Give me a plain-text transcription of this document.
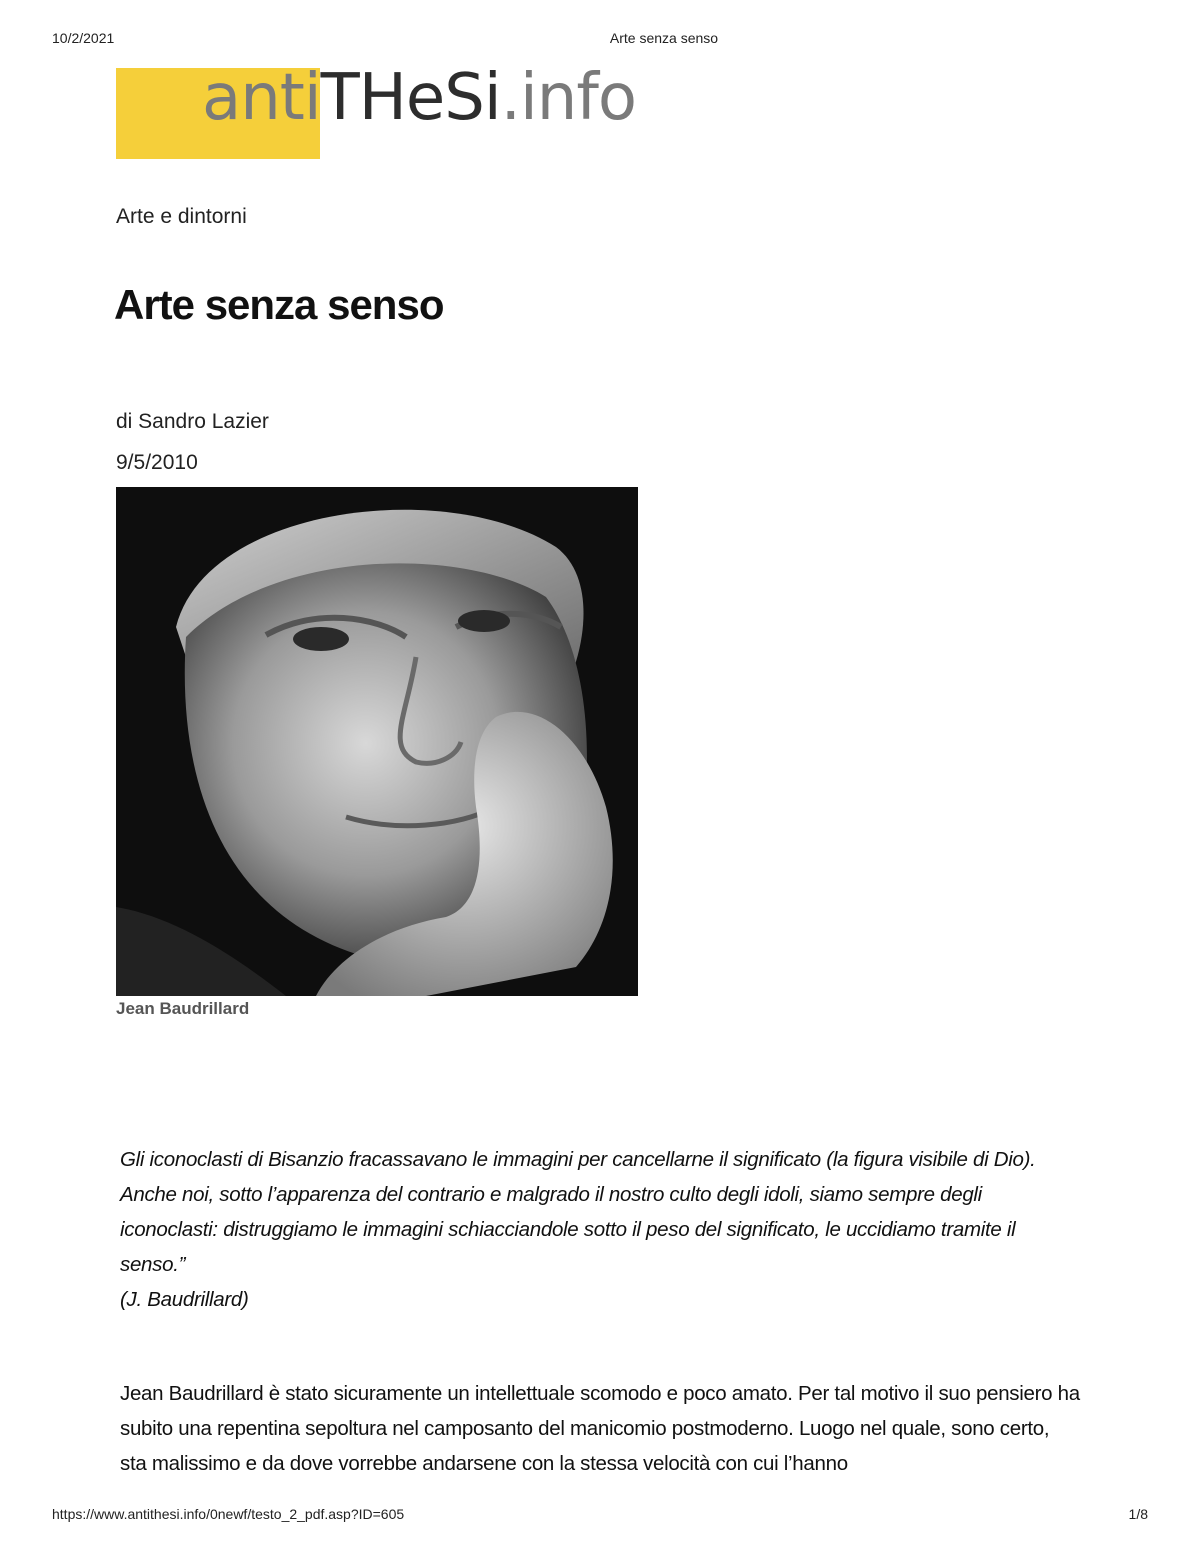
10/2/2021	Arte senza senso
antiTHeSi.info
Arte e dintorni
Arte senza senso
di Sandro Lazier
9/5/2010
Jean Baudrillard

Gli iconoclasti di Bisanzio fracassavano le immagini per cancellarne il significato (la figura visibile di Dio).

Anche noi, sotto l’apparenza del contrario e malgrado il nostro culto degli idoli, siamo sempre degli iconoclasti: distruggiamo le immagini schiacciandole sotto il peso del significato, le uccidiamo tramite il senso.”

(J. Baudrillard)

Jean Baudrillard è stato sicuramente un intellettuale scomodo e poco amato. Per tal motivo il suo pensiero ha subito una repentina sepoltura nel camposanto del manicomio postmoderno. Luogo nel quale, sono certo, sta malissimo e da dove vorrebbe andarsene con la stessa velocità con cui l’hanno

https://www.antithesi.info/0newf/testo_2_pdf.asp?ID=605	1/8
